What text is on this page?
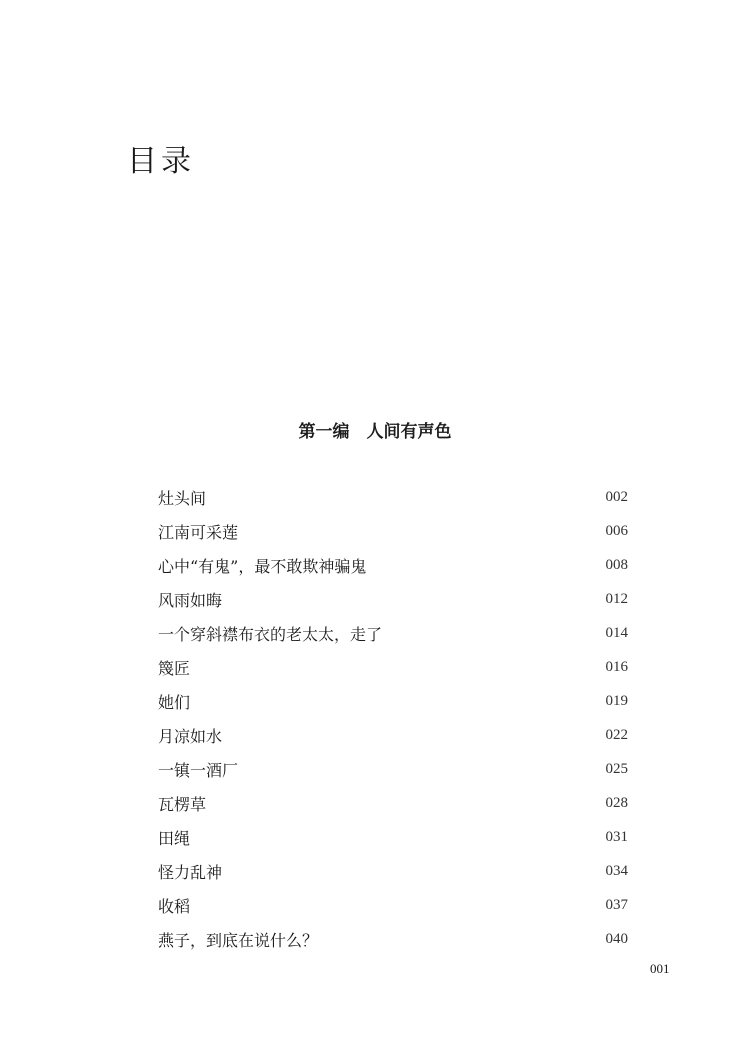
目录
第一编　人间有声色
灶头间	002
江南可采莲	006
心中“有鬼”，最不敢欺神骗鬼	008
风雨如晦	012
一个穿斜襟布衣的老太太，走了	014
篾匠	016
她们	019
月凉如水	022
一镇一酒厂	025
瓦楞草	028
田绳	031
怪力乱神	034
收稻	037
燕子，到底在说什么？	040
001
